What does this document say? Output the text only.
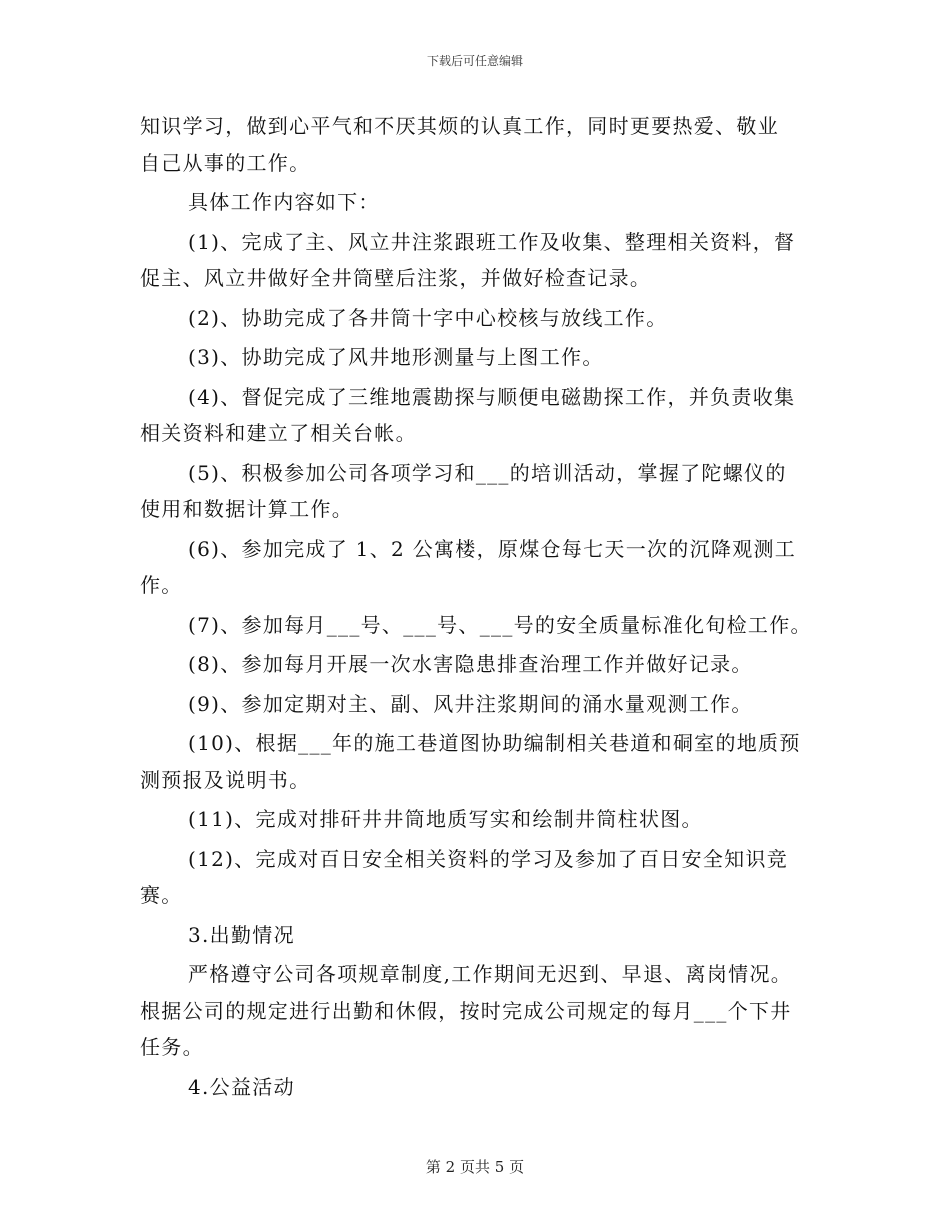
下载后可任意编辑
知识学习，做到心平气和不厌其烦的认真工作，同时更要热爱、敬业
自己从事的工作。
具体工作内容如下：
(1)、完成了主、风立井注浆跟班工作及收集、整理相关资料，督
促主、风立井做好全井筒壁后注浆，并做好检查记录。
(2)、协助完成了各井筒十字中心校核与放线工作。
(3)、协助完成了风井地形测量与上图工作。
(4)、督促完成了三维地震勘探与顺便电磁勘探工作，并负责收集
相关资料和建立了相关台帐。
(5)、积极参加公司各项学习和___的培训活动，掌握了陀螺仪的
使用和数据计算工作。
(6)、参加完成了 1、2 公寓楼，原煤仓每七天一次的沉降观测工
作。
(7)、参加每月___号、___号、___号的安全质量标准化旬检工作。
(8)、参加每月开展一次水害隐患排查治理工作并做好记录。
(9)、参加定期对主、副、风井注浆期间的涌水量观测工作。
(10)、根据___年的施工巷道图协助编制相关巷道和硐室的地质预
测预报及说明书。
(11)、完成对排矸井井筒地质写实和绘制井筒柱状图。
(12)、完成对百日安全相关资料的学习及参加了百日安全知识竞
赛。
3.出勤情况
严格遵守公司各项规章制度,工作期间无迟到、早退、离岗情况。
根据公司的规定进行出勤和休假，按时完成公司规定的每月___个下井
任务。
4.公益活动
第 2 页共 5 页
